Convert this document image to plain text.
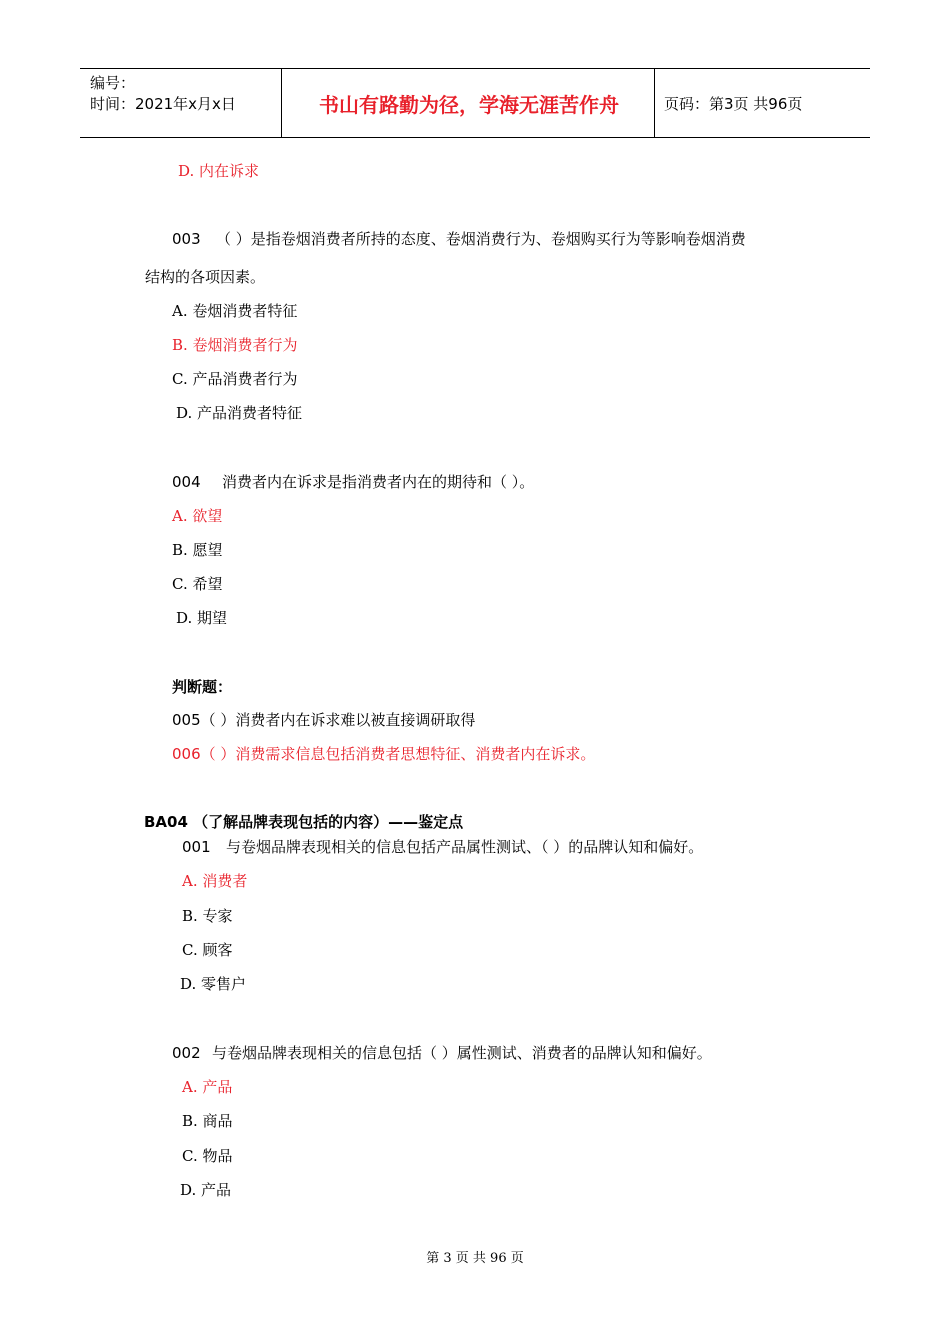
编号：
时间：2021年x月x日	书山有路勤为径，学海无涯苦作舟	页码：第3页 共96页
D. 内在诉求
003 （ ）是指卷烟消费者所持的态度、卷烟消费行为、卷烟购买行为等影响卷烟消费
结构的各项因素。
A. 卷烟消费者特征
B. 卷烟消费者行为
C. 产品消费者行为
D. 产品消费者特征
004 消费者内在诉求是指消费者内在的期待和（ ）。
A. 欲望
B. 愿望
C. 希望
D. 期望
判断题：
005（ ）消费者内在诉求难以被直接调研取得
006（ ）消费需求信息包括消费者思想特征、消费者内在诉求。
BA04 （了解品牌表现包括的内容）——鉴定点
001 与卷烟品牌表现相关的信息包括产品属性测试、（ ）的品牌认知和偏好。
A. 消费者
B. 专家
C. 顾客
D. 零售户
002 与卷烟品牌表现相关的信息包括（ ）属性测试、消费者的品牌认知和偏好。
A. 产品
B. 商品
C. 物品
D. 产品
第 3 页 共 96 页
